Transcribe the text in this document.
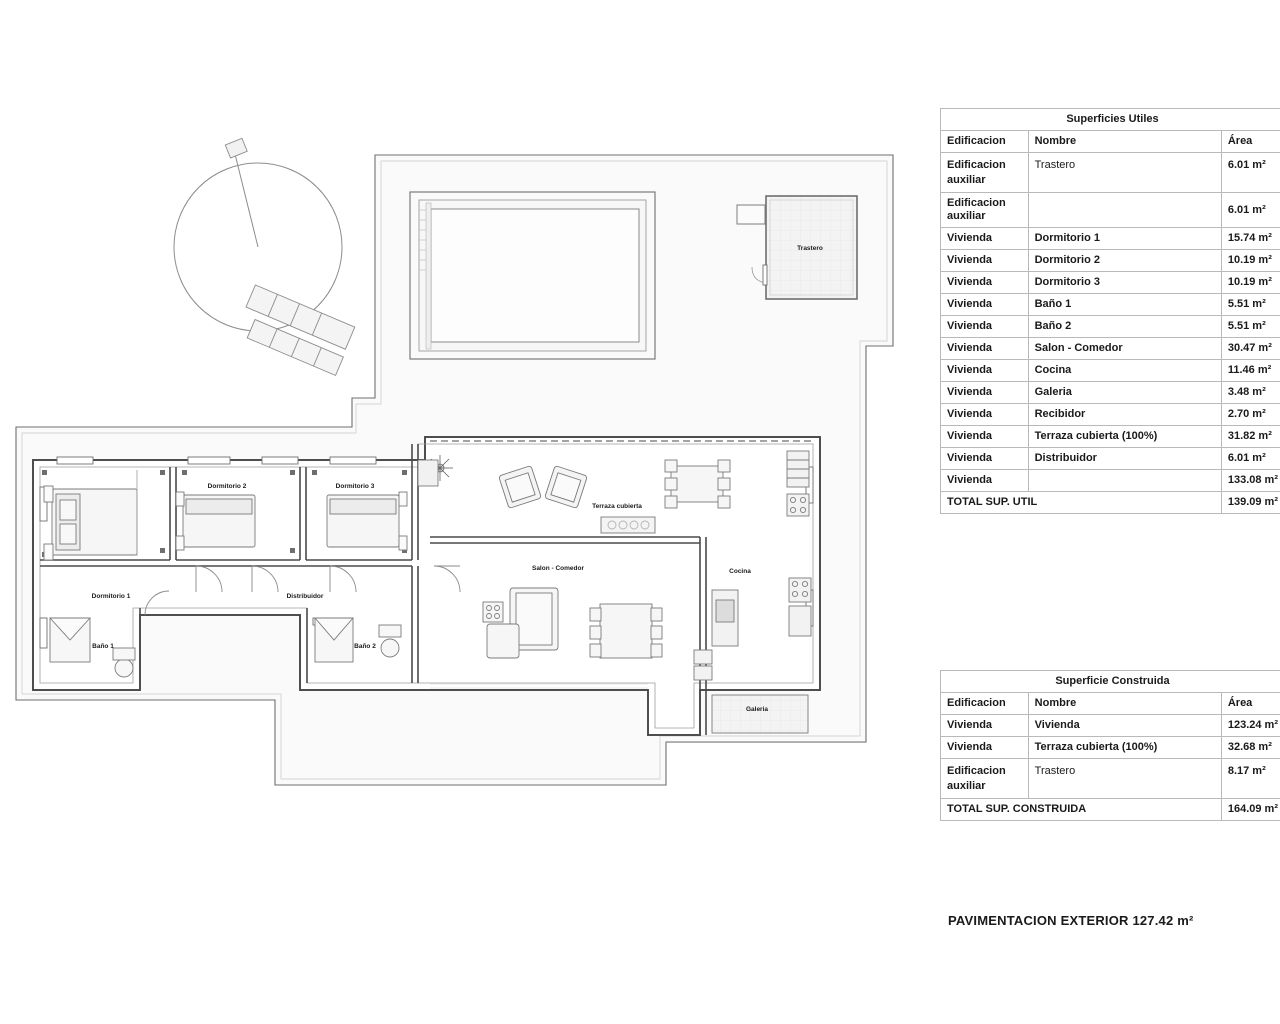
Trastero
Dormitorio 2	Dormitorio 3
Dormitorio 1	Distribuidor
Baño 1	Baño 2
Terraza cubierta
Salon - Comedor	Cocina
Galeria
Superficies Utiles		
Edificacion	Nombre	Área
Edificacion auxiliar	Trastero	6.01 m²
Edificacion auxiliar		6.01 m²
Vivienda	Dormitorio 1	15.74 m²
Vivienda	Dormitorio 2	10.19 m²
Vivienda	Dormitorio 3	10.19 m²
Vivienda	Baño 1	5.51 m²
Vivienda	Baño 2	5.51 m²
Vivienda	Salon - Comedor	30.47 m²
Vivienda	Cocina	11.46 m²
Vivienda	Galeria	3.48 m²
Vivienda	Recibidor	2.70 m²
Vivienda	Terraza cubierta (100%)	31.82 m²
Vivienda	Distribuidor	6.01 m²
Vivienda		133.08 m²
TOTAL SUP. UTIL		139.09 m²
Superficie Construida		
Edificacion	Nombre	Área
Vivienda	Vivienda	123.24 m²
Vivienda	Terraza cubierta (100%)	32.68 m²
Edificacion auxiliar	Trastero	8.17 m²
TOTAL SUP. CONSTRUIDA		164.09 m²
PAVIMENTACION EXTERIOR 127.42 m²
